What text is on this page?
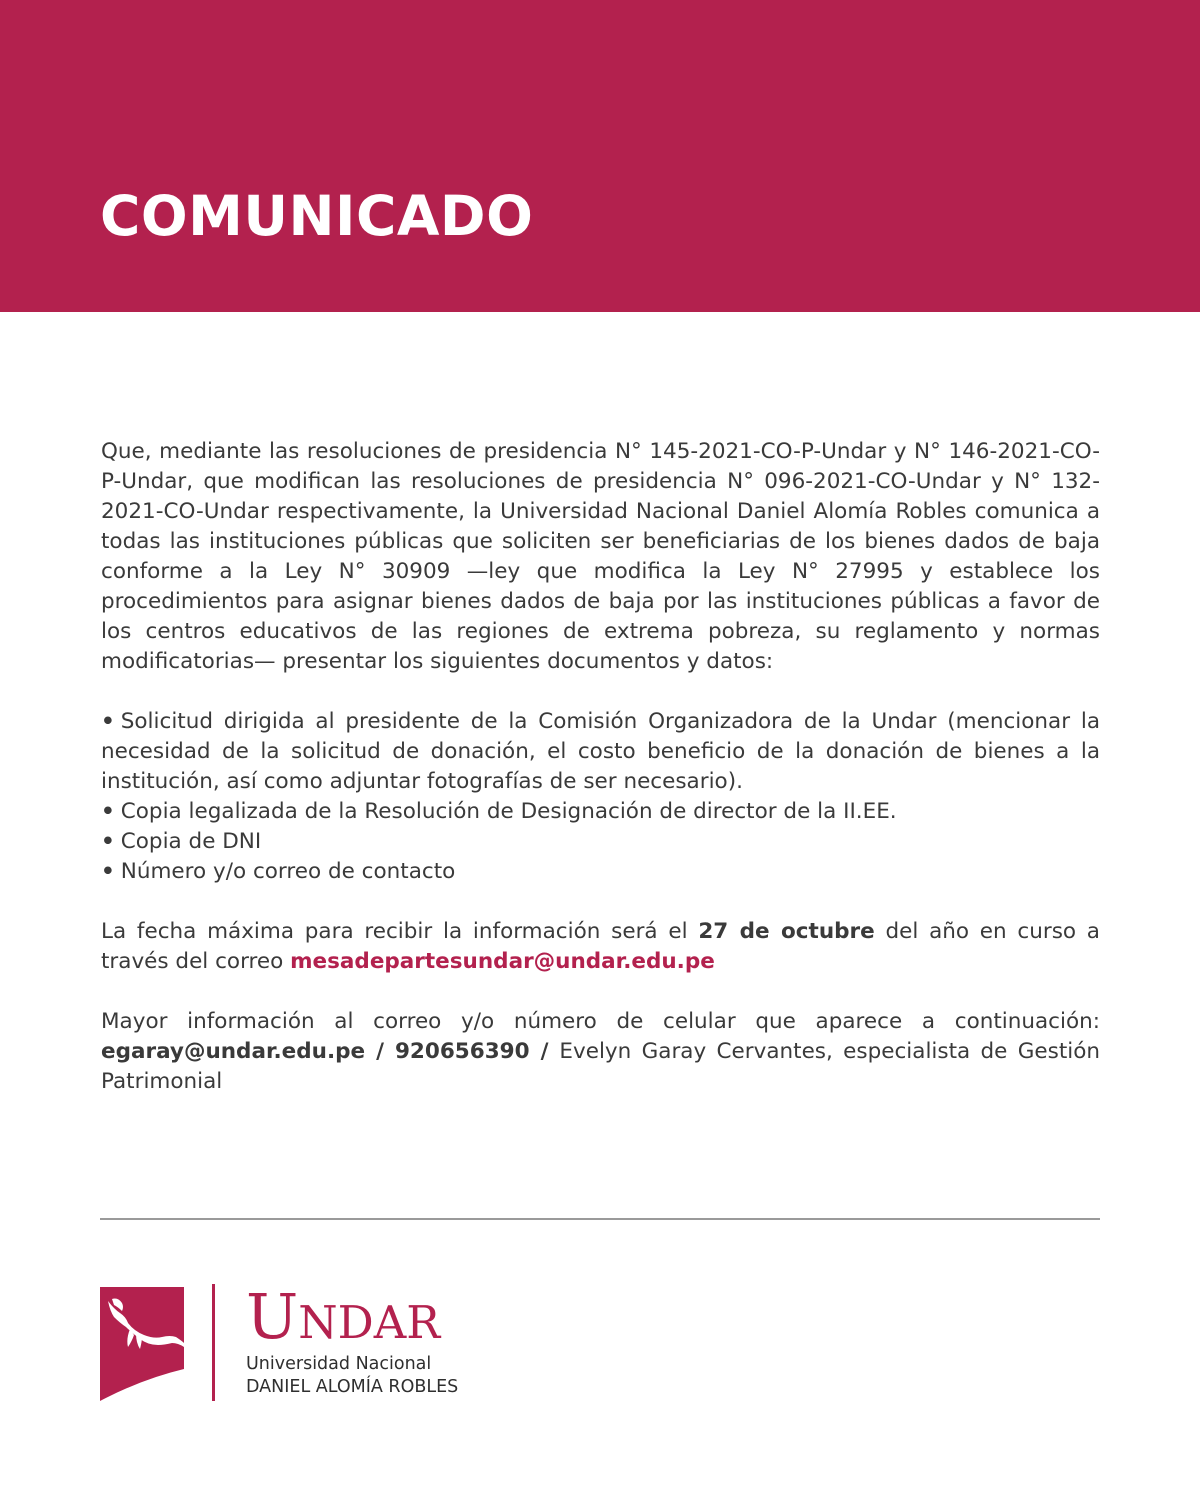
COMUNICADO

Que, mediante las resoluciones de presidencia N° 145-2021-CO-P-Undar y N° 146-2021-CO-P-Undar, que modifican las resoluciones de presidencia N° 096-2021-CO-Undar y N° 132-2021-CO-Undar respectivamente, la Universidad Nacional Daniel Alomía Robles comunica a todas las instituciones públicas que soliciten ser beneficiarias de los bienes dados de baja conforme a la Ley N° 30909 —ley que modifica la Ley N° 27995 y establece los procedimientos para asignar bienes dados de baja por las instituciones públicas a favor de los centros educativos de las regiones de extrema pobreza, su reglamento y normas modificatorias— presentar los siguientes documentos y datos:

• Solicitud dirigida al presidente de la Comisión Organizadora de la Undar (mencionar la necesidad de la solicitud de donación, el costo beneficio de la donación de bienes a la institución, así como adjuntar fotografías de ser necesario).
• Copia legalizada de la Resolución de Designación de director de la II.EE.
• Copia de DNI
• Número y/o correo de contacto

La fecha máxima para recibir la información será el 27 de octubre del año en curso a través del correo mesadepartesundar@undar.edu.pe

Mayor información al correo y/o número de celular que aparece a continuación: egaray@undar.edu.pe / 920656390 / Evelyn Garay Cervantes, especialista de Gestión Patrimonial

UNDAR
Universidad Nacional
DANIEL ALOMÍA ROBLES
